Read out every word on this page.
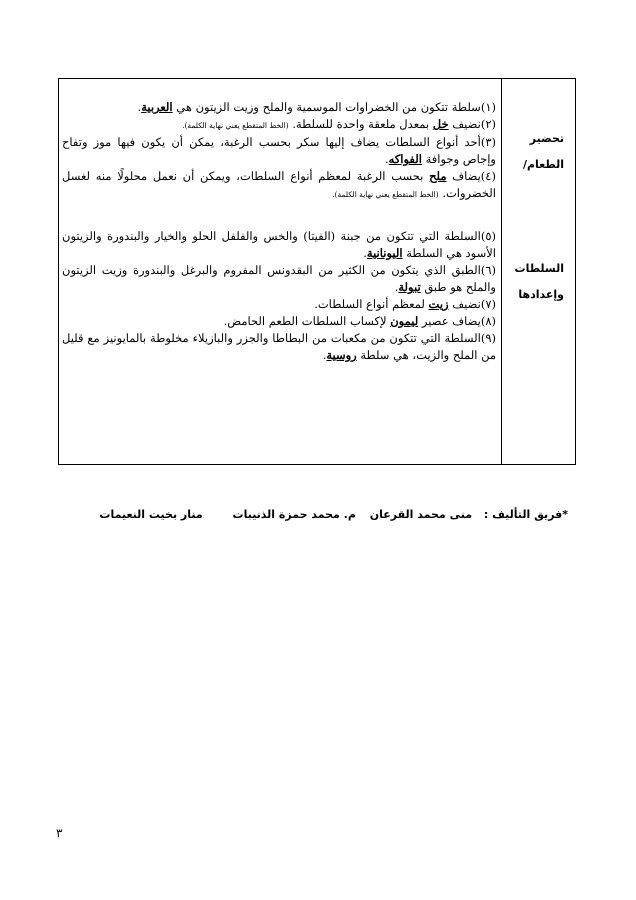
تحضير
الطعام/
السلطات
وإعدادها

(١)سلطة تتكون من الخضراوات الموسمية والملح وزيت الزيتون هي العربية.

(٢)نضيف خل بمعدل ملعقة واحدة للسلطة. (الخط المتقطع يعني نهاية الكلمة).

(٣)أحد أنواع السلطات يضاف إليها سكر بحسب الرغبة، يمكن أن يكون فيها موز وتفاح وإجاص وجوافة الفواكه.

(٤)يضاف ملح بحسب الرغبة لمعظم أنواع السلطات، ويمكن أن نعمل محلولًا منه لغسل الخضروات. (الخط المتقطع يعني نهاية الكلمة).

(٥)السلطة التي تتكون من جبنة (الفيتا) والخس والفلفل الحلو والخيار والبندورة والزيتون الأسود هي السلطة اليونانية.

(٦)الطبق الذي يتكون من الكثير من البقدونس المفروم والبرغل والبندورة وزيت الزيتون والملح هو طبق تبولة.

(٧)نضيف زيت لمعظم أنواع السلطات.

(٨)يضاف عصير ليمون لإكساب السلطات الطعم الحامض.

(٩)السلطة التي تتكون من مكعبات من البطاطا والجزر والبازيلاء مخلوطة بالمايونيز مع قليل من الملح والزيت، هي سلطة روسية.

*فريق التأليف : منى محمد القرعان م. محمد حمزة الذنيبات منار بخيت النعيمات
٣
